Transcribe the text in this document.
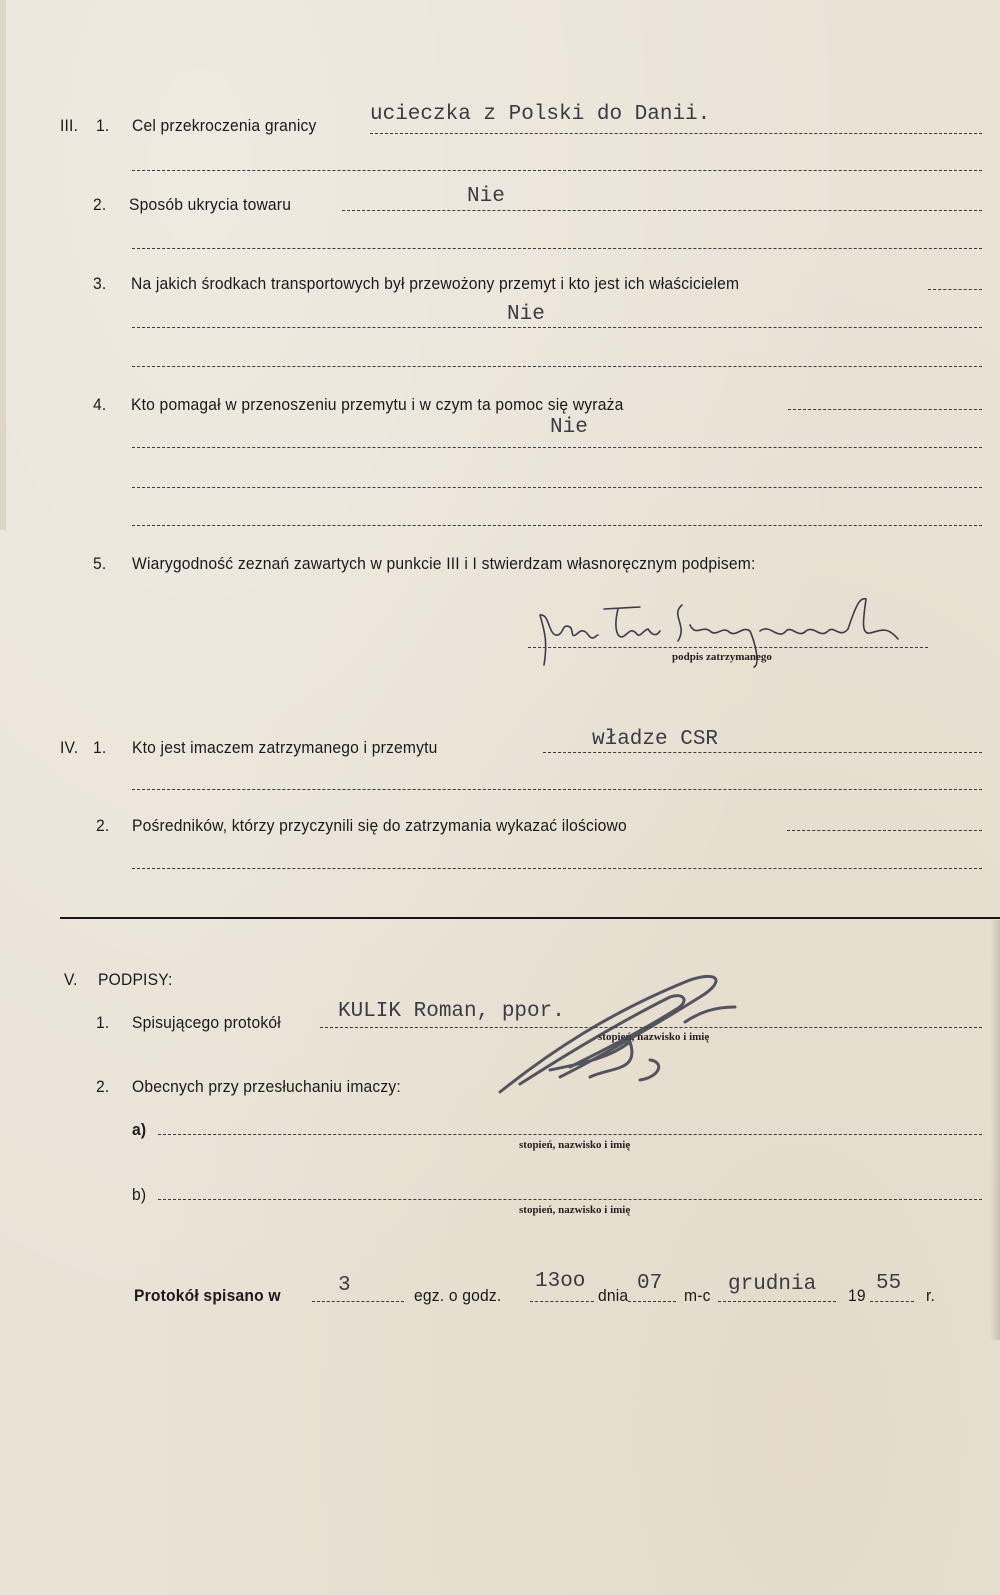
III. 1. Cel przekroczenia granicy	ucieczka z Polski do Danii.
2. Sposób ukrycia towaru	Nie
3. Na jakich środkach transportowych był przewożony przemyt i kto jest ich właścicielem
Nie
4. Kto pomagał w przenoszeniu przemytu i w czym ta pomoc się wyraża
Nie
5. Wiarygodność zeznań zawartych w punkcie III i I stwierdzam własnoręcznym podpisem:
podpis zatrzymanego
IV. 1. Kto jest imaczem zatrzymanego i przemytu	władze CSR
2. Pośredników, którzy przyczynili się do zatrzymania wykazać ilościowo
V. PODPISY:
1. Spisującego protokół	KULIK Roman, ppor.
stopień, nazwisko i imię
2. Obecnych przy przesłuchaniu imaczy:
a)
stopień, nazwisko i imię
b)
stopień, nazwisko i imię
Protokół spisano w	3	egz. o godz.
13oo
dnia
07
m-c grudnia 19
55
r.
